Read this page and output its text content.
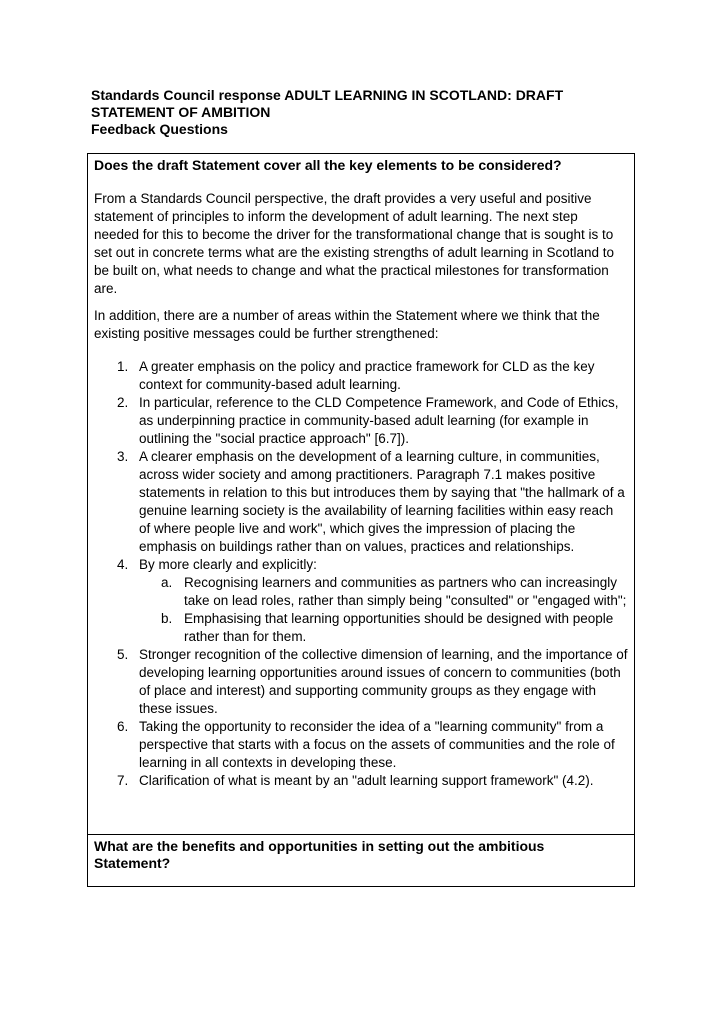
Standards Council response ADULT LEARNING IN SCOTLAND: DRAFT
STATEMENT OF AMBITION
Feedback Questions
Does the draft Statement cover all the key elements to be considered?
From a Standards Council perspective, the draft provides a very useful and positive statement of principles to inform the development of adult learning. The next step needed for this to become the driver for the transformational change that is sought is to set out in concrete terms what are the existing strengths of adult learning in Scotland to be built on, what needs to change and what the practical milestones for transformation are.
In addition, there are a number of areas within the Statement where we think that the existing positive messages could be further strengthened:
1. A greater emphasis on the policy and practice framework for CLD as the key context for community-based adult learning.
2. In particular, reference to the CLD Competence Framework, and Code of Ethics, as underpinning practice in community-based adult learning (for example in outlining the "social practice approach" [6.7]).
3. A clearer emphasis on the development of a learning culture, in communities, across wider society and among practitioners. Paragraph 7.1 makes positive statements in relation to this but introduces them by saying that "the hallmark of a genuine learning society is the availability of learning facilities within easy reach of where people live and work", which gives the impression of placing the emphasis on buildings rather than on values, practices and relationships.
4. By more clearly and explicitly:
a. Recognising learners and communities as partners who can increasingly take on lead roles, rather than simply being "consulted" or "engaged with";
b. Emphasising that learning opportunities should be designed with people rather than for them.
5. Stronger recognition of the collective dimension of learning, and the importance of developing learning opportunities around issues of concern to communities (both of place and interest) and supporting community groups as they engage with these issues.
6. Taking the opportunity to reconsider the idea of a "learning community" from a perspective that starts with a focus on the assets of communities and the role of learning in all contexts in developing these.
7. Clarification of what is meant by an "adult learning support framework" (4.2).
What are the benefits and opportunities in setting out the ambitious Statement?
